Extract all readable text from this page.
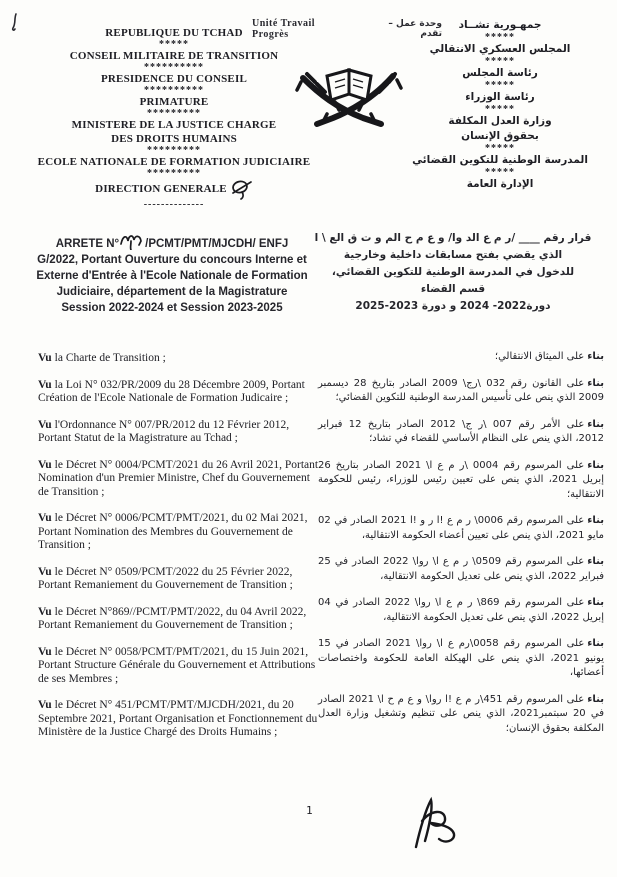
Unité Travail Progrès
وحدة عمل – تقدم
REPUBLIQUE DU TCHAD
*****
CONSEIL MILITAIRE DE TRANSITION
**********
PRESIDENCE DU CONSEIL
**********
PRIMATURE
*********
MINISTERE DE LA JUSTICE CHARGE
DES DROITS HUMAINS
*********
ECOLE NATIONALE DE FORMATION JUDICIAIRE
*********
DIRECTION GENERALE
--------------
جمهـورية تشــاد
*****
المجلس العسكري الانتقالي
*****
رئاسة المجلس
*****
رئاسة الوزراء
*****
وزارة العدل المكلفة
بحقوق الإنسان
*****
المدرسة الوطنية للتكوين القضائي
*****
الإدارة العامة
ARRETE N° /PCMT/PMT/MJCDH/ ENFJ G/2022, Portant Ouverture du concours Interne et Externe d'Entrée à l'Ecole Nationale de Formation Judiciaire, département de la Magistrature Session 2022-2024 et Session 2023-2025
قرار رقم ____ /ر م ع الد وا/ و ع م ح الم و ت ق الع \ ا
الذي يقضي بفتح مسابقات داخلية وخارجية
للدخول في المدرسة الوطنية للتكوين القضائي،
قسم القضاء
دورة2022- 2024 و دورة 2023-2025

Vu la Charte de Transition ;

Vu la Loi N° 032/PR/2009 du 28 Décembre 2009, Portant Création de l'Ecole Nationale de Formation Judicaire ;

Vu l'Ordonnance N° 007/PR/2012 du 12 Février 2012, Portant Statut de la Magistrature au Tchad ;

Vu le Décret N° 0004/PCMT/2021 du 26 Avril 2021, Portant Nomination d'un Premier Ministre, Chef du Gouvernement de Transition ;

Vu le Décret N° 0006/PCMT/PMT/2021, du 02 Mai 2021, Portant Nomination des Membres du Gouvernement de Transition ;

Vu le Décret N° 0509/PCMT/2022 du 25 Février 2022, Portant Remaniement du Gouvernement de Transition ;

Vu le Décret N°869//PCMT/PMT/2022, du 04 Avril 2022, Portant Remaniement du Gouvernement de Transition ;

Vu le Décret N° 0058/PCMT/PMT/2021, du 15 Juin 2021, Portant Structure Générale du Gouvernement et Attributions de ses Membres ;

Vu le Décret N° 451/PCMT/PMT/MJCDH/2021, du 20 Septembre 2021, Portant Organisation et Fonctionnement du Ministère de la Justice Chargé des Droits Humains ;

بناءعلى الميثاق الانتقالي؛

بناءعلى القانون رقم 032 \رج\ 2009 الصادر بتاريخ 28 ديسمبر 2009 الذي ينص على تأسيس المدرسة الوطنية للتكوين القضائي؛

بناءعلى الأمر رقم 007 \ر ج\ 2012 الصادر بتاريخ 12 فبراير 2012، الذي ينص على النظام الأساسي للقضاء في تشاد؛

بناءعلى المرسوم رقم 0004 \ر م ع ا\ 2021 الصادر بتاريخ 26 إبريل 2021، الذي ينص على تعيين رئيس للوزراء، رئيس للحكومة الانتقالية؛

بناءعلى المرسوم رقم 0006\ ر م ع !ا ر و !ا 2021 الصادر في 02 مايو 2021، الذي ينص على تعيين أعضاء الحكومة الانتقالية،

بناءعلى المرسوم رقم 0509\ ر م ع ا\ روا\ 2022 الصادر في 25 فبراير 2022، الذي ينص على تعديل الحكومة الانتقالية،

بناءعلى المرسوم رقم 869\ ر م ع ا\ روا\ 2022 الصادر في 04 إبريل 2022، الذي ينص على تعديل الحكومة الانتقالية،

بناءعلى المرسوم رقم 0058\رم ع ا\ روا\ 2021 الصادر في 15 يونيو 2021، الذي ينص على الهيكلة العامة للحكومة واختصاصات أعضائها،

بناءعلى المرسوم رقم 451\ر م ع !ا روا\ و ع م ح ا\ 2021 الصادر في 20 سبتمبر2021، الذي ينص على تنظيم وتشغيل وزارة العدل المكلفة بحقوق الإنسان؛

1
